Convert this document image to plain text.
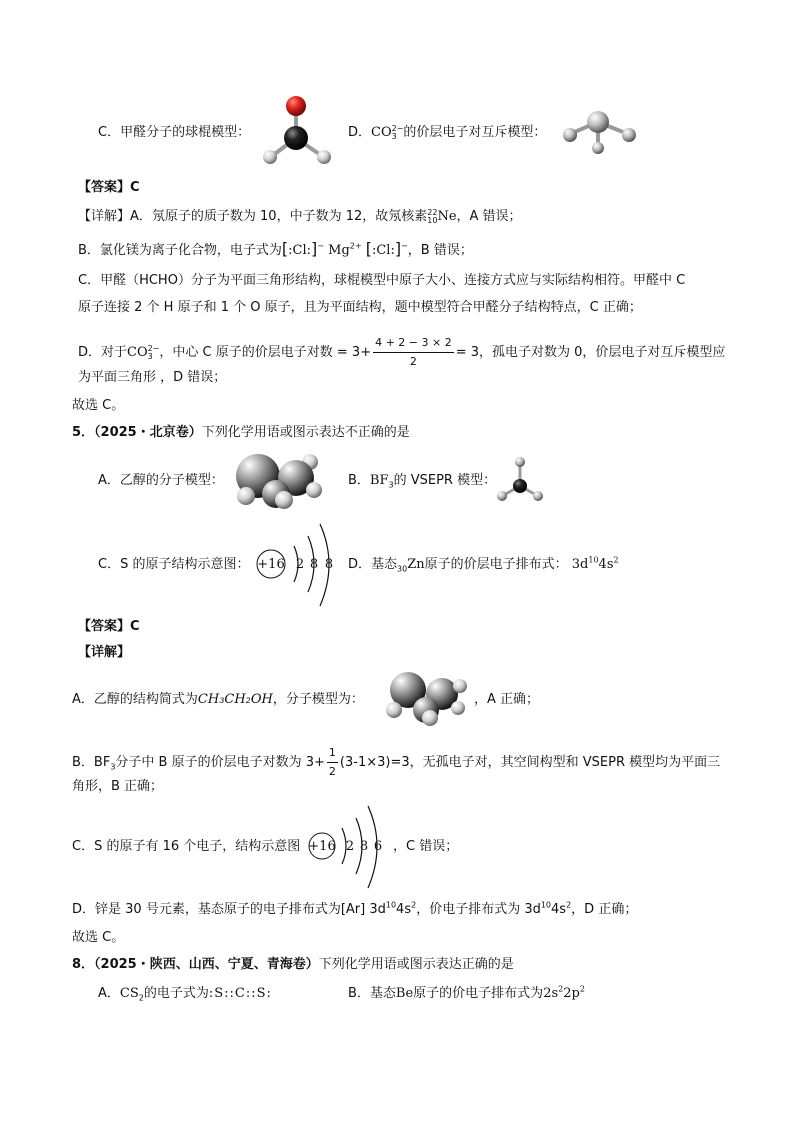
C．甲醛分子的球棍模型：	D．CO 2−
3 的价层电子对互斥模型：
【答案】C
【详解】A．氖原子的质子数为 10，中子数为 12，故氖核素 22
10 Ne，A 错误；
B．氯化镁为离子化合物，电子式为[:Cl:]− $Mg^{2+}$ [:Cl:]−，B 错误；
C．甲醛（HCHO）分子为平面三角形结构，球棍模型中原子大小、连接方式应与实际结构相符。甲醛中 C
原子连接 2 个 H 原子和 1 个 O 原子，且为平面结构，题中模型符合甲醛分子结构特点，C 正确；
D．对于CO 2−
3 ，中心 C 原子的价层电子对数 = $3+ \frac{4 + 2 - 3 \times 2}{2} = 3$，孤电子对数为 0，价层电子对互斥模型应
为平面三角形 ，D 错误；
故选 C。
5．（2025・北京卷）下列化学用语或图示表达不正确的是
A．乙醇的分子模型：	B．$BF_3$的 VSEPR 模型：
C．S 的原子结构示意图： +16 2 8 8 D．基态$_{30}$Zn原子的价层电子排布式： $3d^{10}4s^2$
【答案】C
【详解】
A．乙醇的结构简式为CH₃CH₂OH，分子模型为：	，A 正确；
B．$BF_3$分子中 B 原子的价层电子对数为 $3+ \frac{1}{2} (3-1\times 3)=3$，无孤电子对，其空间构型和 VSEPR 模型均为平面三
角形，B 正确；
C．S 的原子有 16 个电子，结构示意图 +16 2 8 6 ，C 错误；
D．锌是 30 号元素，基态原子的电子排布式为[Ar] $3d^{10}4s^2$，价电子排布式为 $3d^{10}4s^2$，D 正确；
故选 C。
8．（2025・陕西、山西、宁夏、青海卷）下列化学用语或图示表达正确的是
A．$CS_2$的电子式为:S::C::S:	B．基态Be原子的价电子排布式为$2s^22p^2$
